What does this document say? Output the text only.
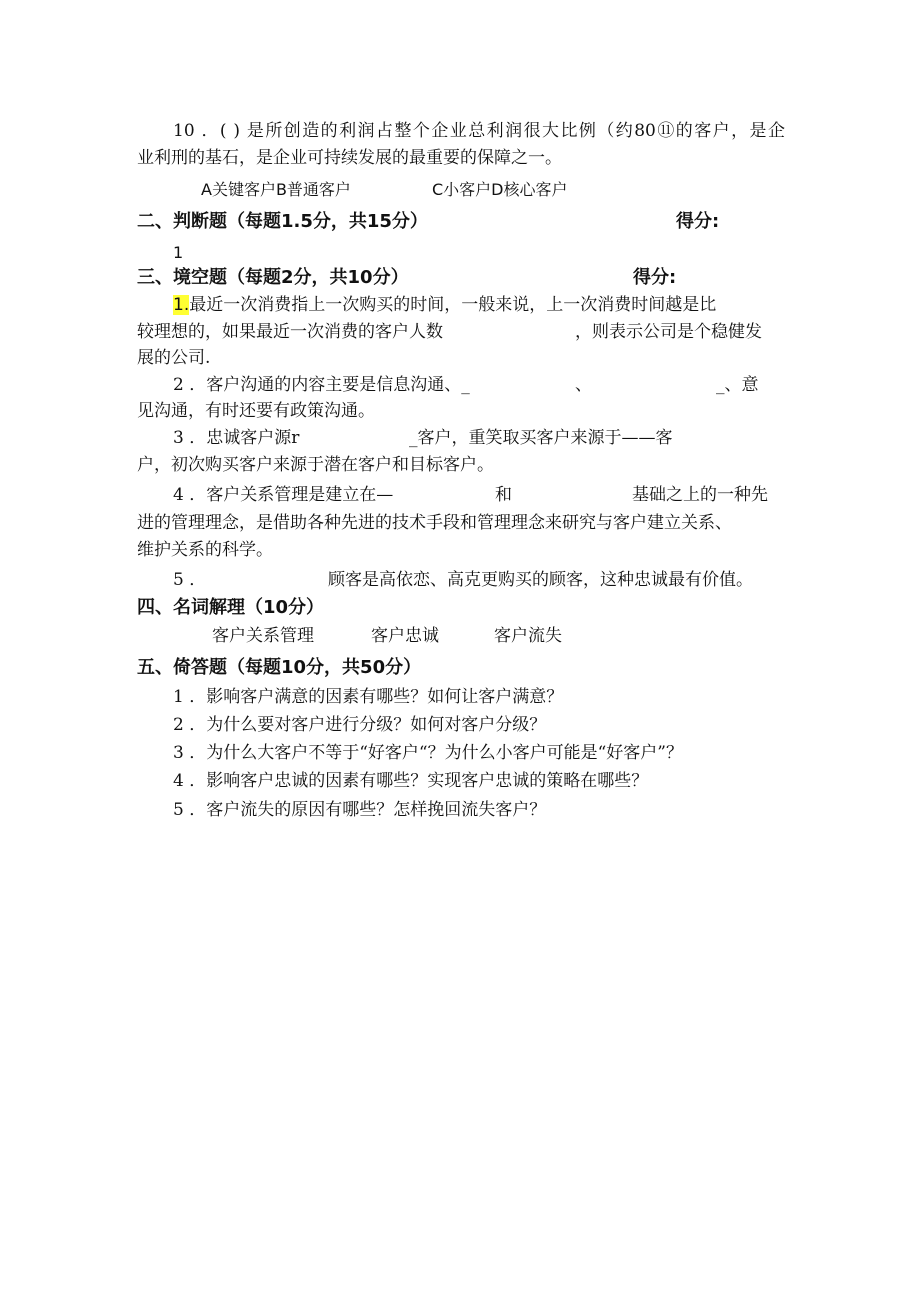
10 ．( ) 是所创造的利润占整个企业总利润很大比例（约80⑪的客户，是企
业利刑的基石，是企业可持续发展的最重要的保障之一。
A关键客户B普通客户	C小客户D核心客户
二、判断题（每题1.5分，共15分）	得分:
1
三、境空题（每题2分，共10分）	得分:
1.最近一次消费指上一次购买的时间，一般来说，上一次消费时间越是比
较理想的，如果最近一次消费的客户人数	，则表示公司是个稳健发
展的公司.
2 ．客户沟通的内容主要是信息沟通、_	、	_、意
见沟通，有时还要有政策沟通。
3 ．忠诚客户源r	_客户，重笑取买客户来源于——客
户，初次购买客户来源于潜在客户和目标客户。
4 ．客户关系管理是建立在—	和	基础之上的一种先
进的管理理念，是借助各种先进的技术手段和管理理念来研究与客户建立关系、
维护关系的科学。
5 ．	顾客是高依恋、高克更购买的顾客，这种忠诚最有价值。
四、名词解理（10分）
客户关系管理	客户忠诚	客户流失
五、倚答题（每题10分，共50分）
1 ．影响客户满意的因素有哪些？如何让客户满意？
2 ．为什么要对客户进行分级？如何对客户分级？
3 ．为什么大客户不等于“好客户“？为什么小客户可能是“好客户”？
4 ．影响客户忠诚的因素有哪些？实现客户忠诚的策略在哪些？
5 ．客户流失的原因有哪些？怎样挽回流失客户？
